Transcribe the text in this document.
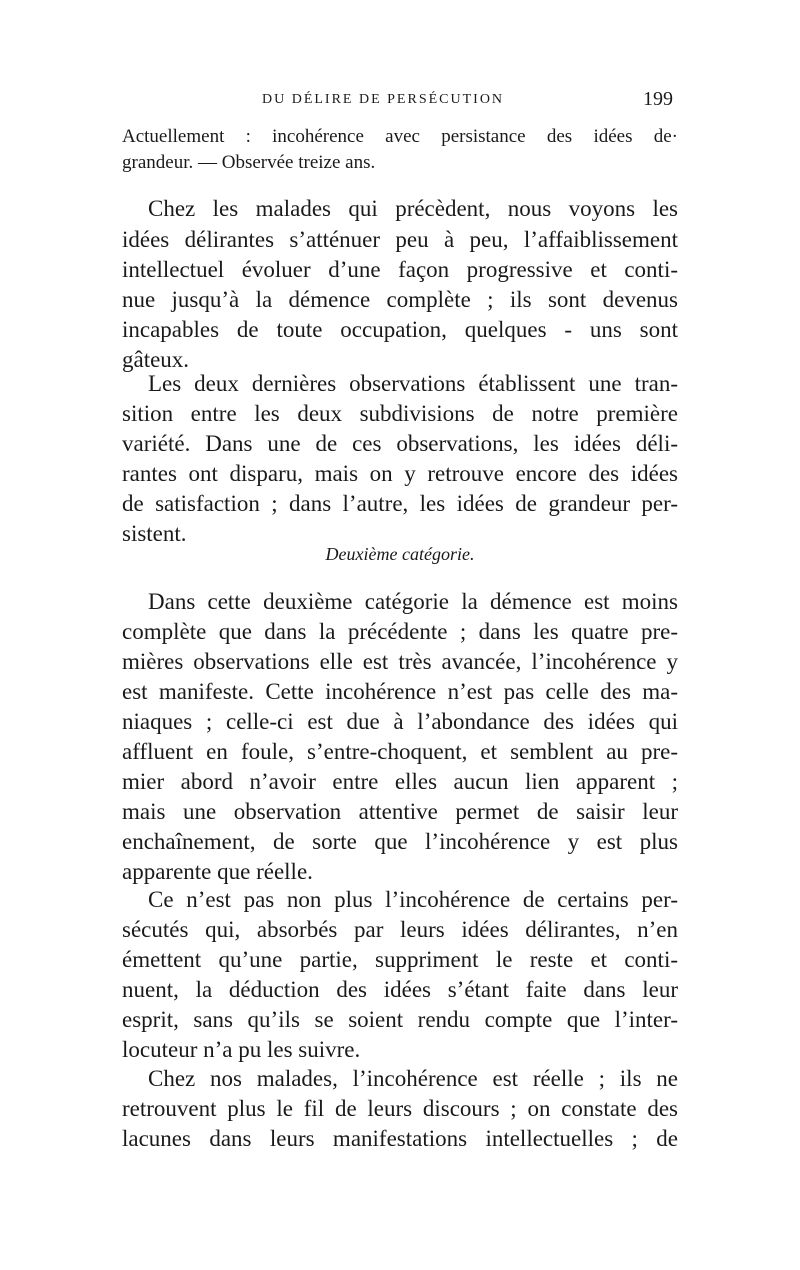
DU DÉLIRE DE PERSÉCUTION	199
Actuellement : incohérence avec persistance des idées de·
grandeur. — Observée treize ans.
Chez les malades qui précèdent, nous voyons les
idées délirantes s’atténuer peu à peu, l’affaiblissement
intellectuel évoluer d’une façon progressive et conti-
nue jusqu’à la démence complète ; ils sont devenus
incapables de toute occupation, quelques - uns sont
gâteux.
Les deux dernières observations établissent une tran-
sition entre les deux subdivisions de notre première
variété. Dans une de ces observations, les idées déli-
rantes ont disparu, mais on y retrouve encore des idées
de satisfaction ; dans l’autre, les idées de grandeur per-
sistent.
Deuxième catégorie.
Dans cette deuxième catégorie la démence est moins
complète que dans la précédente ; dans les quatre pre-
mières observations elle est très avancée, l’incohérence y
est manifeste. Cette incohérence n’est pas celle des ma-
niaques ; celle-ci est due à l’abondance des idées qui
affluent en foule, s’entre-choquent, et semblent au pre-
mier abord n’avoir entre elles aucun lien apparent ;
mais une observation attentive permet de saisir leur
enchaînement, de sorte que l’incohérence y est plus
apparente que réelle.
Ce n’est pas non plus l’incohérence de certains per-
sécutés qui, absorbés par leurs idées délirantes, n’en
émettent qu’une partie, suppriment le reste et conti-
nuent, la déduction des idées s’étant faite dans leur
esprit, sans qu’ils se soient rendu compte que l’inter-
locuteur n’a pu les suivre.
Chez nos malades, l’incohérence est réelle ; ils ne
retrouvent plus le fil de leurs discours ; on constate des
lacunes dans leurs manifestations intellectuelles ; de
